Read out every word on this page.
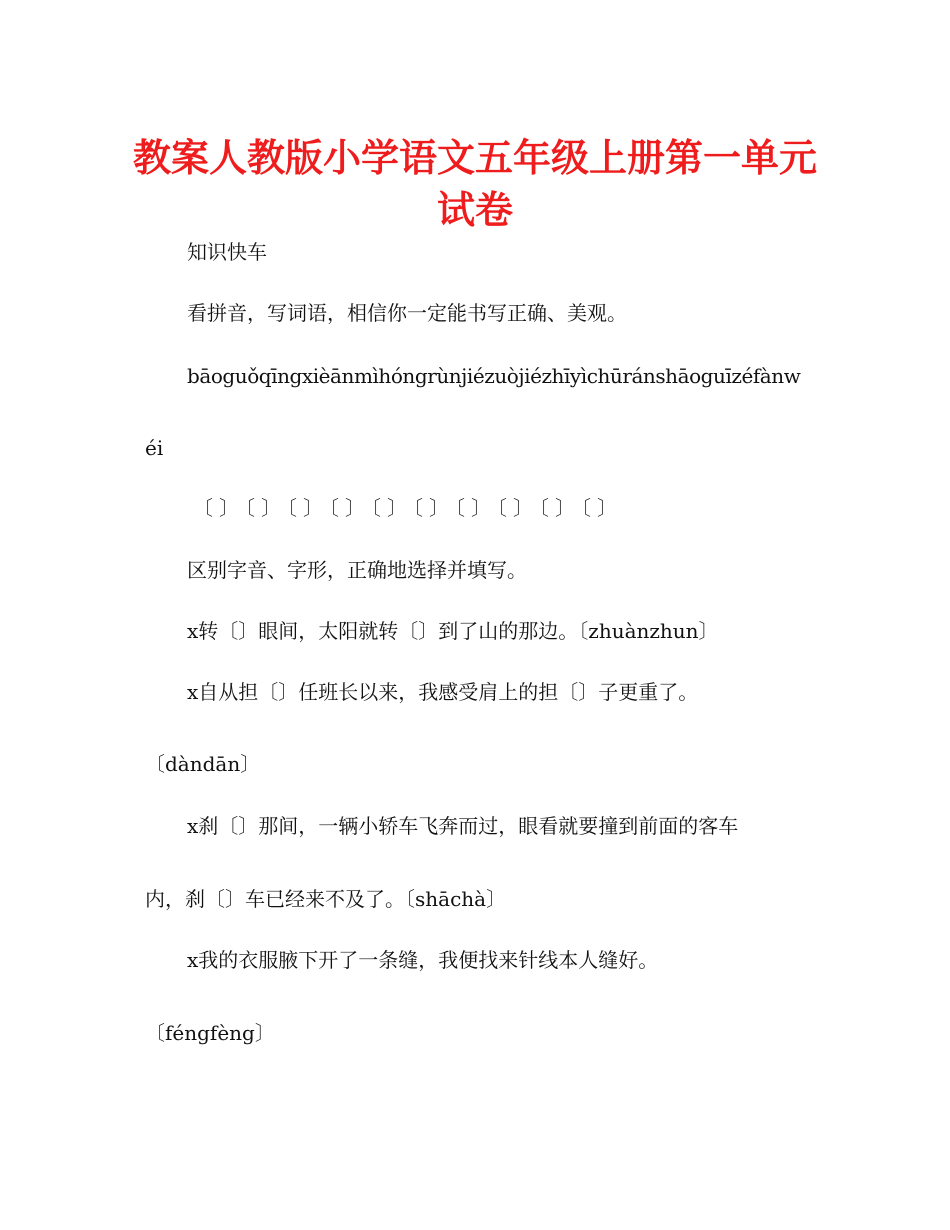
教案人教版小学语文五年级上册第一单元
试卷

知识快车

看拼音，写词语，相信你一定能书写正确、美观。

bāoguǒqīngxièānmìhóngrùnjiézuòjiézhīyìchūránshāoguīzéfànw

éi

〔〕〔〕〔〕〔〕〔〕〔〕〔〕〔〕〔〕〔〕

区别字音、字形，正确地选择并填写。

x转〔〕眼间，太阳就转〔〕到了山的那边。〔zhuànzhun〕

x自从担〔〕任班长以来，我感受肩上的担〔〕子更重了。

〔dàndān〕

x刹〔〕那间，一辆小轿车飞奔而过，眼看就要撞到前面的客车

内，刹〔〕车已经来不及了。〔shāchà〕

x我的衣服腋下开了一条缝，我便找来针线本人缝好。

〔féngfèng〕
